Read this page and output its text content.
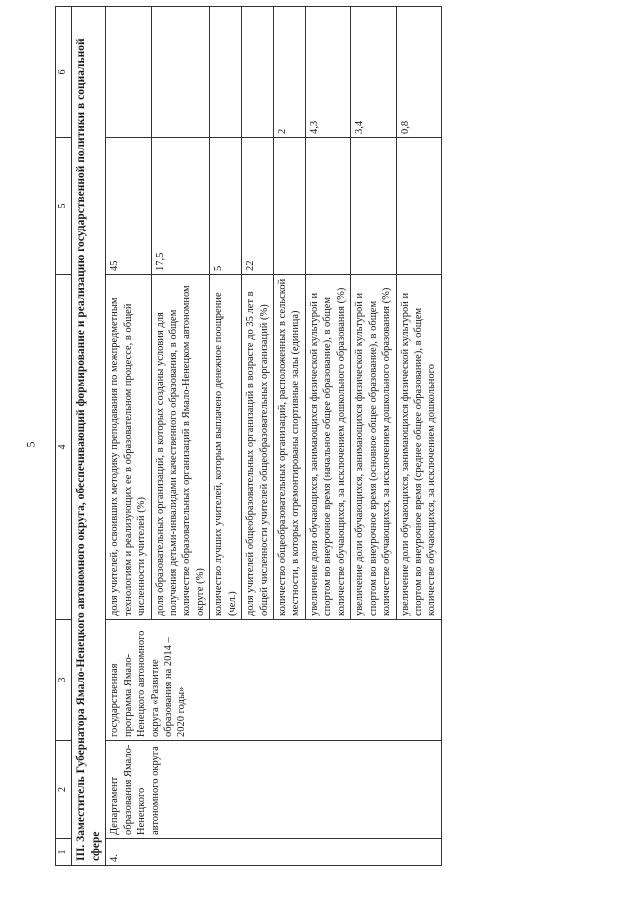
5
1	2	3	4	5	6
III. Заместитель Губернатора Ямало-Ненецкого автономного округа, обеспечивающий формирование и реализацию государственной политики в социальной сфере					
4.	Департамент образования Ямало-Ненецкого автономного округа	государственная программа Ямало-Ненецкого автономного округа «Развитие образования на 2014 – 2020 годы»	доля учителей, освоивших методику преподавания по межпредметным технологиям и реализующих ее в образовательном процессе, в общей численности учителей (%)	45	
			доля образовательных организаций, в которых созданы условия для получения детьми-инвалидами качественного образования, в общем количестве образовательных организаций в Ямало-Ненецком автономном округе (%)	17,5	
			количество лучших учителей, которым выплачено денежное поощрение (чел.)	5	
			доля учителей общеобразовательных организаций в возрасте до 35 лет в общей численности учителей общеобразовательных организаций (%)	22	
			количество общеобразовательных организаций, расположенных в сельской местности, в которых отремонтированы спортивные залы (единица)		2
			увеличение доли обучающихся, занимающихся физической культурой и спортом во внеурочное время (начальное общее образование), в общем количестве обучающихся, за исключением дошкольного образования (%)		4,3
			увеличение доли обучающихся, занимающихся физической культурой и спортом во внеурочное время (основное общее образование), в общем количестве обучающихся, за исключением дошкольного образования (%)		3,4
			увеличение доли обучающихся, занимающихся физической культурой и спортом во внеурочное время (среднее общее образование), в общем количестве обучающихся, за исключением дошкольного		0,8
